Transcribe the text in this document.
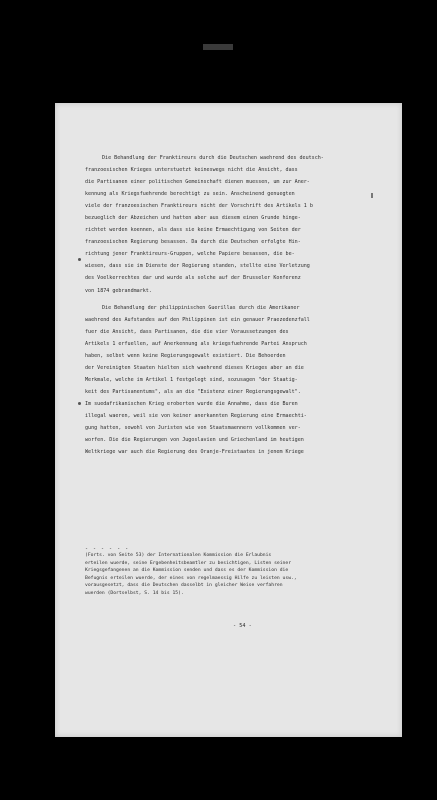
Die Behandlung der Franktireurs durch die Deutschen waehrend des deutsch-
franzoesischen Krieges unterstuetzt keineswegs nicht die Ansicht, dass
die Partisanen einer politischen Gemeinschaft dienen muessen, um zur Aner-
kennung als Kriegsfuehrende berechtigt zu sein. Anscheinend genuegten
viele der franzoesischen Franktireurs nicht der Vorschrift des Artikels 1 b
bezueglich der Abzeichen und hatten aber aus diesem einen Grunde hinge-
richtet werden koennen, als dass sie keine Ermaechtigung von Seiten der
franzoesischen Regierung besassen. Da durch die Deutschen erfolgte Hin-
richtung jener Franktireurs-Gruppen, welche Papiere besassen, die be-
wiesen, dass sie im Dienste der Regierung standen, stellte eine Verletzung
des Voelkerrechtes dar und wurde als solche auf der Brusseler Konferenz
von 1874 gebrandmarkt.
Die Behandlung der philippinischen Guerillas durch die Amerikaner
waehrend des Aufstandes auf den Philippinen ist ein genauer Praezedenzfall
fuer die Ansicht, dass Partisanen, die die vier Voraussetzungen des
Artikels 1 erfuellen, auf Anerkennung als kriegsfuehrende Partei Anspruch
haben, selbst wenn keine Regierungsgewalt existiert. Die Behoerden
der Vereinigten Staaten hielten sich waehrend dieses Krieges aber an die
Merkmale, welche im Artikel 1 festgelegt sind, sozusagen "der Staatig-
keit des Partisanentums", als an die "Existenz einer Regierungsgewalt".
Im suedafrikanischen Krieg eroberten wurde die Annahme, dass die Buren
illegal waeren, weil sie von keiner anerkannten Regierung eine Ermaechti-
gung hatten, sowohl von Juristen wie von Staatsmaennern vollkommen ver-
worfen. Die die Regierungen von Jugoslavien und Griechenland im heutigen
Weltkriege war auch die Regierung des Oranje-Freistaates in jenem Kriege
- - - - - -
(Forts. von Seite 53) der Internationalen Kommission die Erlaubnis
erteilen wuerde, seine Ergebenheitsbeamtler zu besichtigen, Listen seiner
Kriegsgefangenen an die Kommission senden und dass es der Kommission die
Befugnis erteilen wuerde, der eines von regelmaessig Hilfe zu leisten usw.,
vorausgesetzt, dass die Deutschen dasselbt in gleicher Weise verfahren
wuerden (Dortselbst, S. 14 bis 15).
- 54 -
